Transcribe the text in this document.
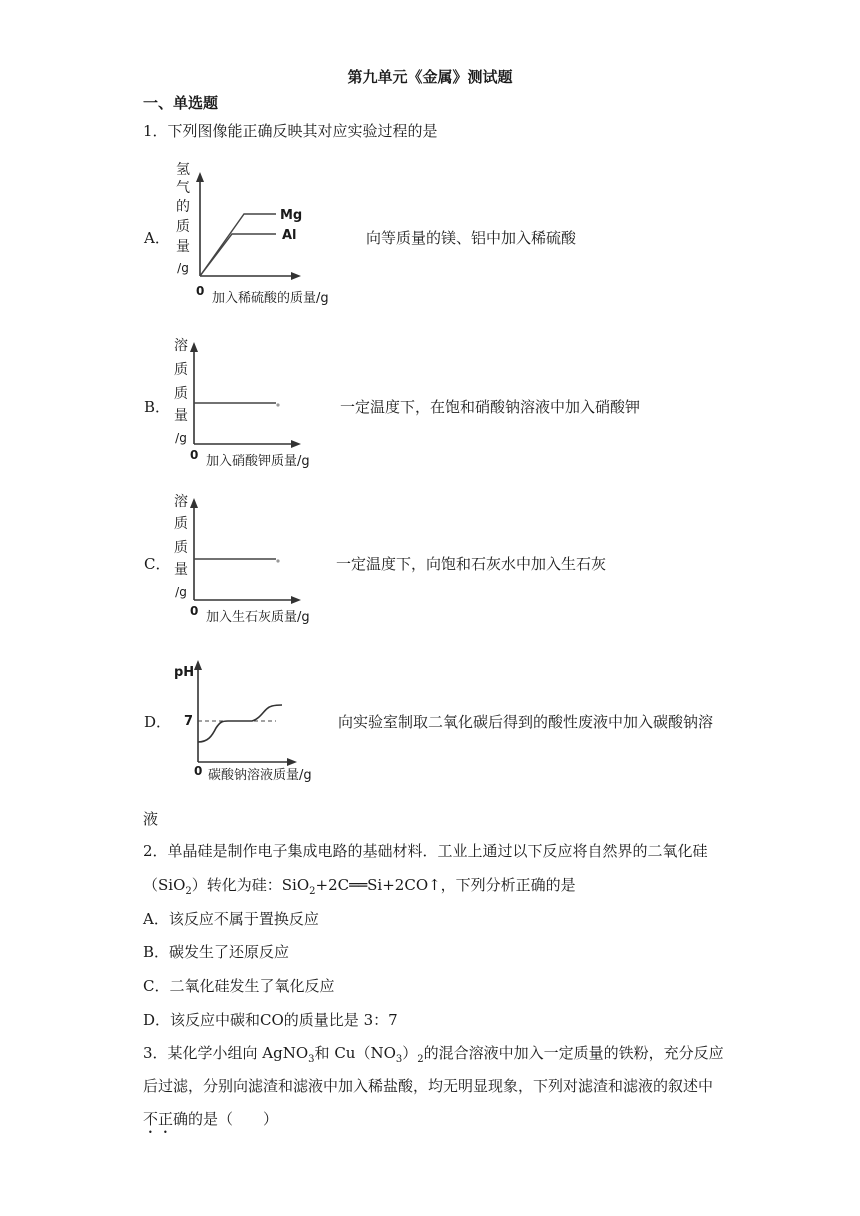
第九单元《金属》测试题
一、单选题
1．下列图像能正确反映其对应实验过程的是
A．
氢
气
的
质
量
/g
Mg
Al
0 加入稀硫酸的质量/g
向等质量的镁、铝中加入稀硫酸
B．
溶
质
质
量
/g
0 加入硝酸钾质量/g
一定温度下，在饱和硝酸钠溶液中加入硝酸钾
C．
溶
质
质
量
/g
0 加入生石灰质量/g
一定温度下，向饱和石灰水中加入生石灰
D．
pH
7
0 碳酸钠溶液质量/g
向实验室制取二氧化碳后得到的酸性废液中加入碳酸钠溶
液
2．单晶硅是制作电子集成电路的基础材料．工业上通过以下反应将自然界的二氧化硅
（SiO$_2$）转化为硅：SiO$_2$+2C══Si+2CO↑，下列分析正确的是
A．该反应不属于置换反应
B．碳发生了还原反应
C．二氧化硅发生了氧化反应
D．该反应中碳和CO的质量比是 3：7
3．某化学小组向 AgNO$_3$和 $Cu(NO_3)_2$的混合溶液中加入一定质量的铁粉，充分反应
后过滤，分别向滤渣和滤液中加入稀盐酸，均无明显现象，下列对滤渣和滤液的叙述中
不正确的是（　　）
